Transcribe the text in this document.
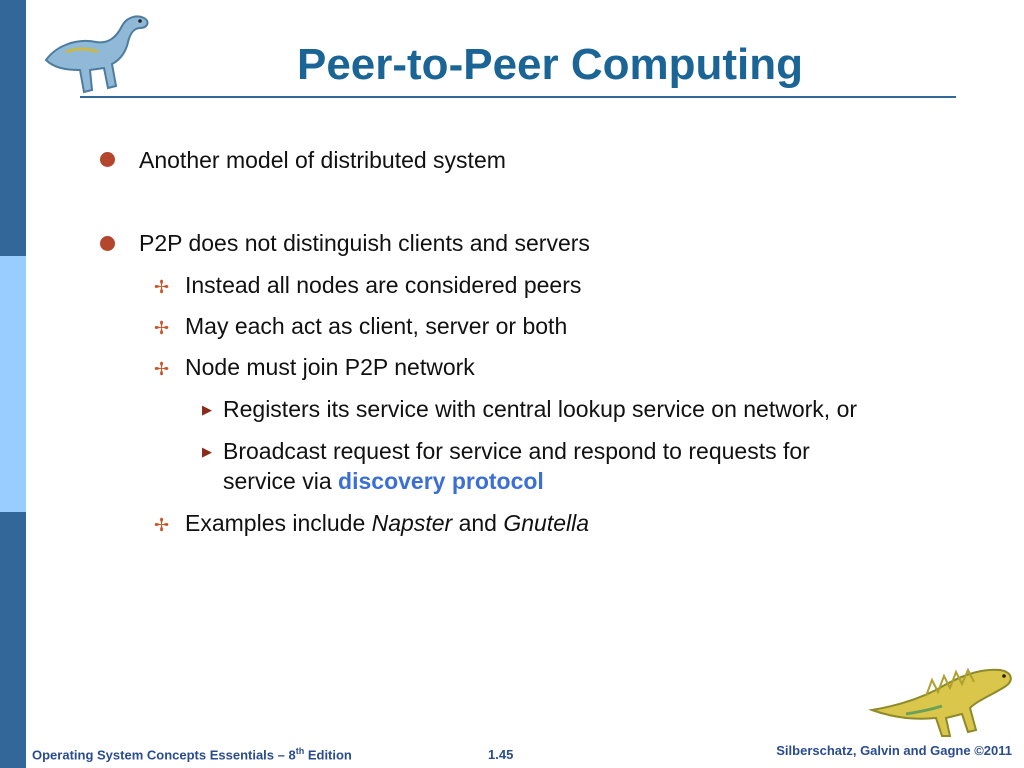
Peer-to-Peer Computing
Another model of distributed system
P2P does not distinguish clients and servers
✢ Instead all nodes are considered peers
✢ May each act as client, server or both
✢ Node must join P2P network
▶ Registers its service with central lookup service on network, or
▶ Broadcast request for service and respond to requests for
service via discovery protocol
✢ Examples include Napster and Gnutella
Operating System Concepts Essentials – 8th Edition	1.45	Silberschatz, Galvin and Gagne ©2011
